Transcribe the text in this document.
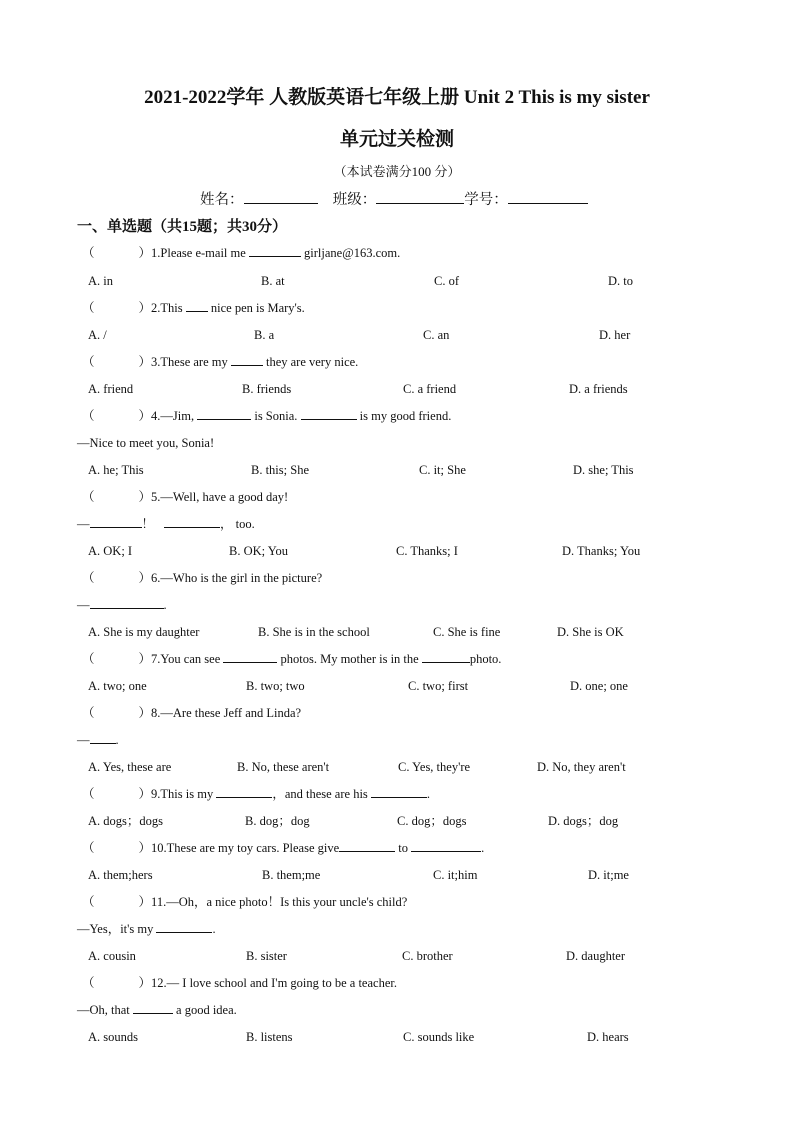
2021-2022学年 人教版英语七年级上册 Unit 2 This is my sister
单元过关检测
（本试卷满分100 分）
姓名：	班级：	学号：
一、单选题（共15题；共30分）
（	）1.Please e-mail me	girljane@163.com.
A. in	B. at	C. of	D. to
（	）2.This  nice pen is Mary's.
A. /	B. a	C. an	D. her
（	）3.These are my	they are very nice.
A. friend	B. friends	C. a friend	D. a friends
（	）4.—Jim,	is Sonia.	is my good friend.
—Nice to meet you, Sonia!
A. he; This	B. this; She	C. it; She	D. she; This
（	）5.—Well, have a good day!
—	！	， too.
A. OK; I	B. OK; You	C. Thanks; I	D. Thanks; You
（	）6.—Who is the girl in the picture?
—	.
A. She is my daughter	B. She is in the school	C. She is fine	D. She is OK
（	）7.You can see	photos. My mother is in the	photo.
A. two; one	B. two; two	C. two; first	D. one; one
（	）8.—Are these Jeff and Linda?
— .
A. Yes, these are	B. No, these aren't	C. Yes, they're	D. No, they aren't
（	）9.This is my	，and these are his	.
A. dogs；dogs	B. dog；dog	C. dog；dogs	D. dogs；dog
（	）10.These are my toy cars. Please give	to	.
A. them;hers	B. them;me	C. it;him	D. it;me
（	）11.—Oh，a nice photo！Is this your uncle's child?
—Yes，it's my	.
A. cousin	B. sister	C. brother	D. daughter
（	）12.— I love school and I'm going to be a teacher.
—Oh, that	a good idea.
A. sounds	B. listens	C. sounds like	D. hears
